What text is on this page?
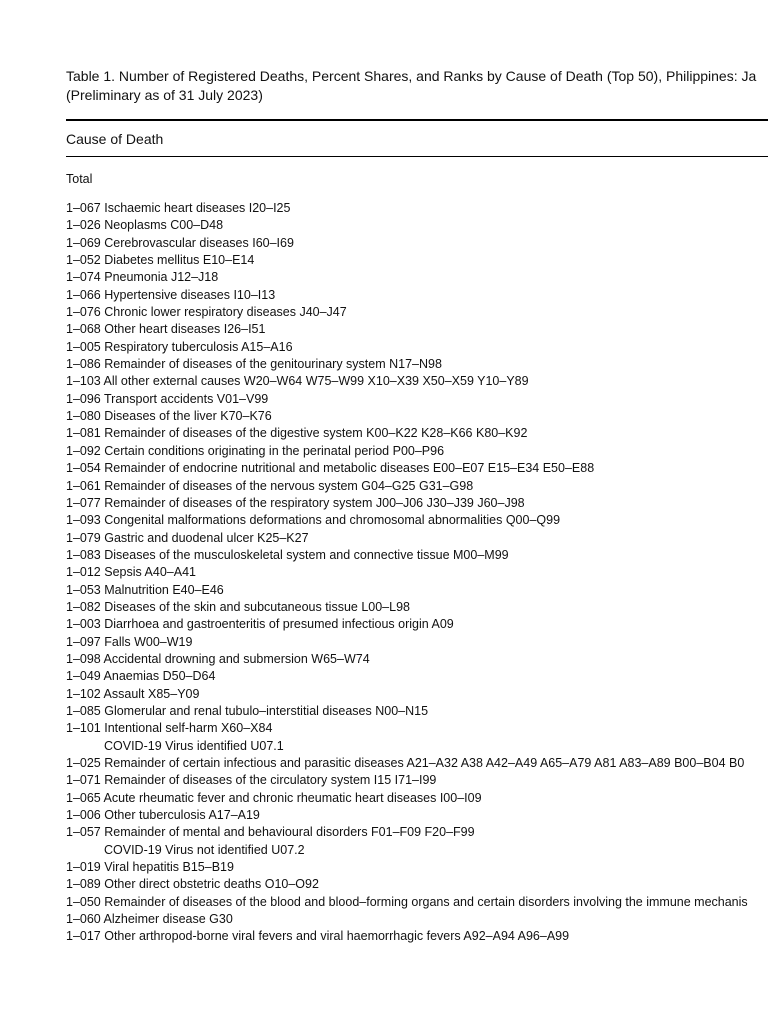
Table 1. Number of Registered Deaths, Percent Shares, and Ranks by Cause of Death (Top 50), Philippines: Ja
(Preliminary as of 31 July 2023)
Cause of Death
Total
1–067 Ischaemic heart diseases I20–I25
1–026 Neoplasms C00–D48
1–069 Cerebrovascular diseases I60–I69
1–052 Diabetes mellitus E10–E14
1–074 Pneumonia J12–J18
1–066 Hypertensive diseases I10–I13
1–076 Chronic lower respiratory diseases J40–J47
1–068 Other heart diseases I26–I51
1–005 Respiratory tuberculosis A15–A16
1–086 Remainder of diseases of the genitourinary system N17–N98
1–103 All other external causes W20–W64 W75–W99 X10–X39 X50–X59 Y10–Y89
1–096 Transport accidents V01–V99
1–080 Diseases of the liver K70–K76
1–081 Remainder of diseases of the digestive system K00–K22 K28–K66 K80–K92
1–092 Certain conditions originating in the perinatal period P00–P96
1–054 Remainder of endocrine nutritional and metabolic diseases E00–E07 E15–E34 E50–E88
1–061 Remainder of diseases of the nervous system G04–G25 G31–G98
1–077 Remainder of diseases of the respiratory system J00–J06 J30–J39 J60–J98
1–093 Congenital malformations deformations and chromosomal abnormalities Q00–Q99
1–079 Gastric and duodenal ulcer K25–K27
1–083 Diseases of the musculoskeletal system and connective tissue M00–M99
1–012 Sepsis A40–A41
1–053 Malnutrition E40–E46
1–082 Diseases of the skin and subcutaneous tissue L00–L98
1–003 Diarrhoea and gastroenteritis of presumed infectious origin A09
1–097 Falls W00–W19
1–098 Accidental drowning and submersion W65–W74
1–049 Anaemias D50–D64
1–102 Assault X85–Y09
1–085 Glomerular and renal tubulo–interstitial diseases N00–N15
1–101 Intentional self-harm X60–X84
COVID-19 Virus identified U07.1
1–025 Remainder of certain infectious and parasitic diseases A21–A32 A38 A42–A49 A65–A79 A81 A83–A89 B00–B04 B0
1–071 Remainder of diseases of the circulatory system I15 I71–I99
1–065 Acute rheumatic fever and chronic rheumatic heart diseases I00–I09
1–006 Other tuberculosis A17–A19
1–057 Remainder of mental and behavioural disorders F01–F09 F20–F99
COVID-19 Virus not identified U07.2
1–019 Viral hepatitis B15–B19
1–089 Other direct obstetric deaths O10–O92
1–050 Remainder of diseases of the blood and blood–forming organs and certain disorders involving the immune mechanis
1–060 Alzheimer disease G30
1–017 Other arthropod-borne viral fevers and viral haemorrhagic fevers A92–A94 A96–A99
